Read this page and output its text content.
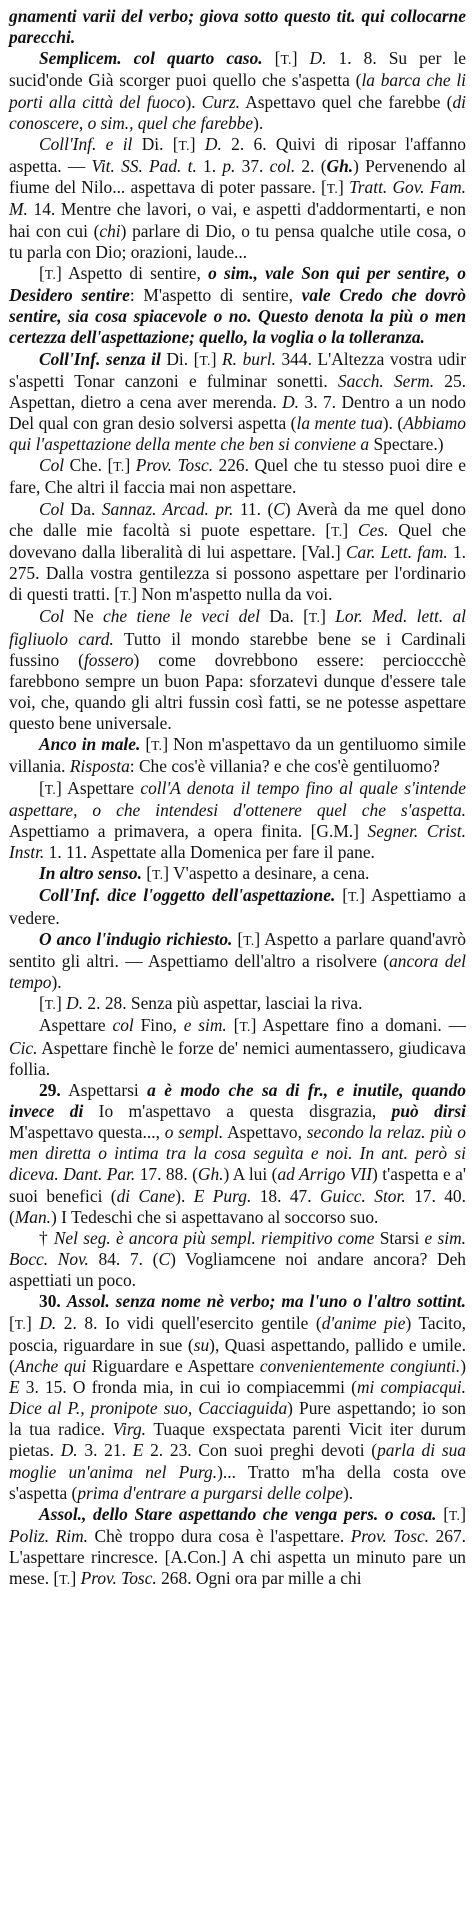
gnamenti varii del verbo; giova sotto questo tit. qui collocarne parecchi.

Semplicem. col quarto caso. [T.] D. 1. 8. Su per le sucid'onde Già scorger puoi quello che s'aspetta (la barca che li porti alla città del fuoco). Curz. Aspettavo quel che farebbe (di conoscere, o sim., quel che farebbe).

Coll'Inf. e il Di. [T.] D. 2. 6. Quivi di riposar l'affanno aspetta. — Vit. SS. Pad. t. 1. p. 37. col. 2. (Gh.) Pervenendo al fiume del Nilo... aspettava di poter passare. [T.] Tratt. Gov. Fam. M. 14. Mentre che lavori, o vai, e aspetti d'addormentarti, e non hai con cui (chi) parlare di Dio, o tu pensa qualche utile cosa, o tu parla con Dio; orazioni, laude...

[T.] Aspetto di sentire, o sim., vale Son qui per sentire, o Desidero sentire: M'aspetto di sentire, vale Credo che dovrò sentire, sia cosa spiacevole o no. Questo denota la più o men certezza dell'aspettazione; quello, la voglia o la tolleranza.

Coll'Inf. senza il Di. [T.] R. burl. 344. L'Altezza vostra udir s'aspetti Tonar canzoni e fulminar sonetti. Sacch. Serm. 25. Aspettan, dietro a cena aver merenda. D. 3. 7. Dentro a un nodo Del qual con gran desio solversi aspetta (la mente tua). (Abbiamo qui l'aspettazione della mente che ben si conviene a Spectare.)

Col Che. [T.] Prov. Tosc. 226. Quel che tu stesso puoi dire e fare, Che altri il faccia mai non aspettare.

Col Da. Sannaz. Arcad. pr. 11. (C) Averà da me quel dono che dalle mie facoltà si puote espettare. [T.] Ces. Quel che dovevano dalla liberalità di lui aspettare. [Val.] Car. Lett. fam. 1. 275. Dalla vostra gentilezza si possono aspettare per l'ordinario di questi tratti. [T.] Non m'aspetto nulla da voi.

Col Ne che tiene le veci del Da. [T.] Lor. Med. lett. al figliuolo card. Tutto il mondo starebbe bene se i Cardinali fussino (fossero) come dovrebbono essere: percioccchè farebbono sempre un buon Papa: sforzatevi dunque d'essere tale voi, che, quando gli altri fussin così fatti, se ne potesse aspettare questo bene universale.

Anco in male. [T.] Non m'aspettavo da un gentiluomo simile villania. Risposta: Che cos'è villania? e che cos'è gentiluomo?

[T.] Aspettare coll'A denota il tempo fino al quale s'intende aspettare, o che intendesi d'ottenere quel che s'aspetta. Aspettiamo a primavera, a opera finita. [G.M.] Segner. Crist. Instr. 1. 11. Aspettate alla Domenica per fare il pane.

In altro senso. [T.] V'aspetto a desinare, a cena.

Coll'Inf. dice l'oggetto dell'aspettazione. [T.] Aspettiamo a vedere.

O anco l'indugio richiesto. [T.] Aspetto a parlare quand'avrò sentito gli altri. — Aspettiamo dell'altro a risolvere (ancora del tempo).

[T.] D. 2. 28. Senza più aspettar, lasciai la riva.

Aspettare col Fino, e sim. [T.] Aspettare fino a domani. — Cic. Aspettare finchè le forze de' nemici aumentassero, giudicava follia.

29. Aspettarsi a è modo che sa di fr., e inutile, quando invece di Io m'aspettavo a questa disgrazia, può dirsi M'aspettavo questa..., o sempl. Aspettavo, secondo la relaz. più o men diretta o intima tra la cosa seguìta e noi. In ant. però si diceva. Dant. Par. 17. 88. (Gh.) A lui (ad Arrigo VII) t'aspetta e a' suoi benefici (di Cane). E Purg. 18. 47. Guicc. Stor. 17. 40. (Man.) I Tedeschi che si aspettavano al soccorso suo.

† Nel seg. è ancora più sempl. riempitivo come Starsi e sim. Bocc. Nov. 84. 7. (C) Vogliamcene noi andare ancora? Deh aspettiati un poco.

30. Assol. senza nome nè verbo; ma l'uno o l'altro sottint. [T.] D. 2. 8. Io vidi quell'esercito gentile (d'anime pie) Tacito, poscia, riguardare in sue (su), Quasi aspettando, pallido e umile. (Anche qui Riguardare e Aspettare convenientemente congiunti.) E 3. 15. O fronda mia, in cui io compiacemmi (mi compiacqui. Dice al P., pronipote suo, Cacciaguida) Pure aspettando; io son la tua radice. Virg. Tuaque exspectata parenti Vicit iter durum pietas. D. 3. 21. E 2. 23. Con suoi preghi devoti (parla di sua moglie un'anima nel Purg.)... Tratto m'ha della costa ove s'aspetta (prima d'entrare a purgarsi delle colpe).

Assol., dello Stare aspettando che venga pers. o cosa. [T.] Poliz. Rim. Chè troppo dura cosa è l'aspettare. Prov. Tosc. 267. L'aspettare rincresce. [A.Con.] A chi aspetta un minuto pare un mese. [T.] Prov. Tosc. 268. Ogni ora par mille a chi
